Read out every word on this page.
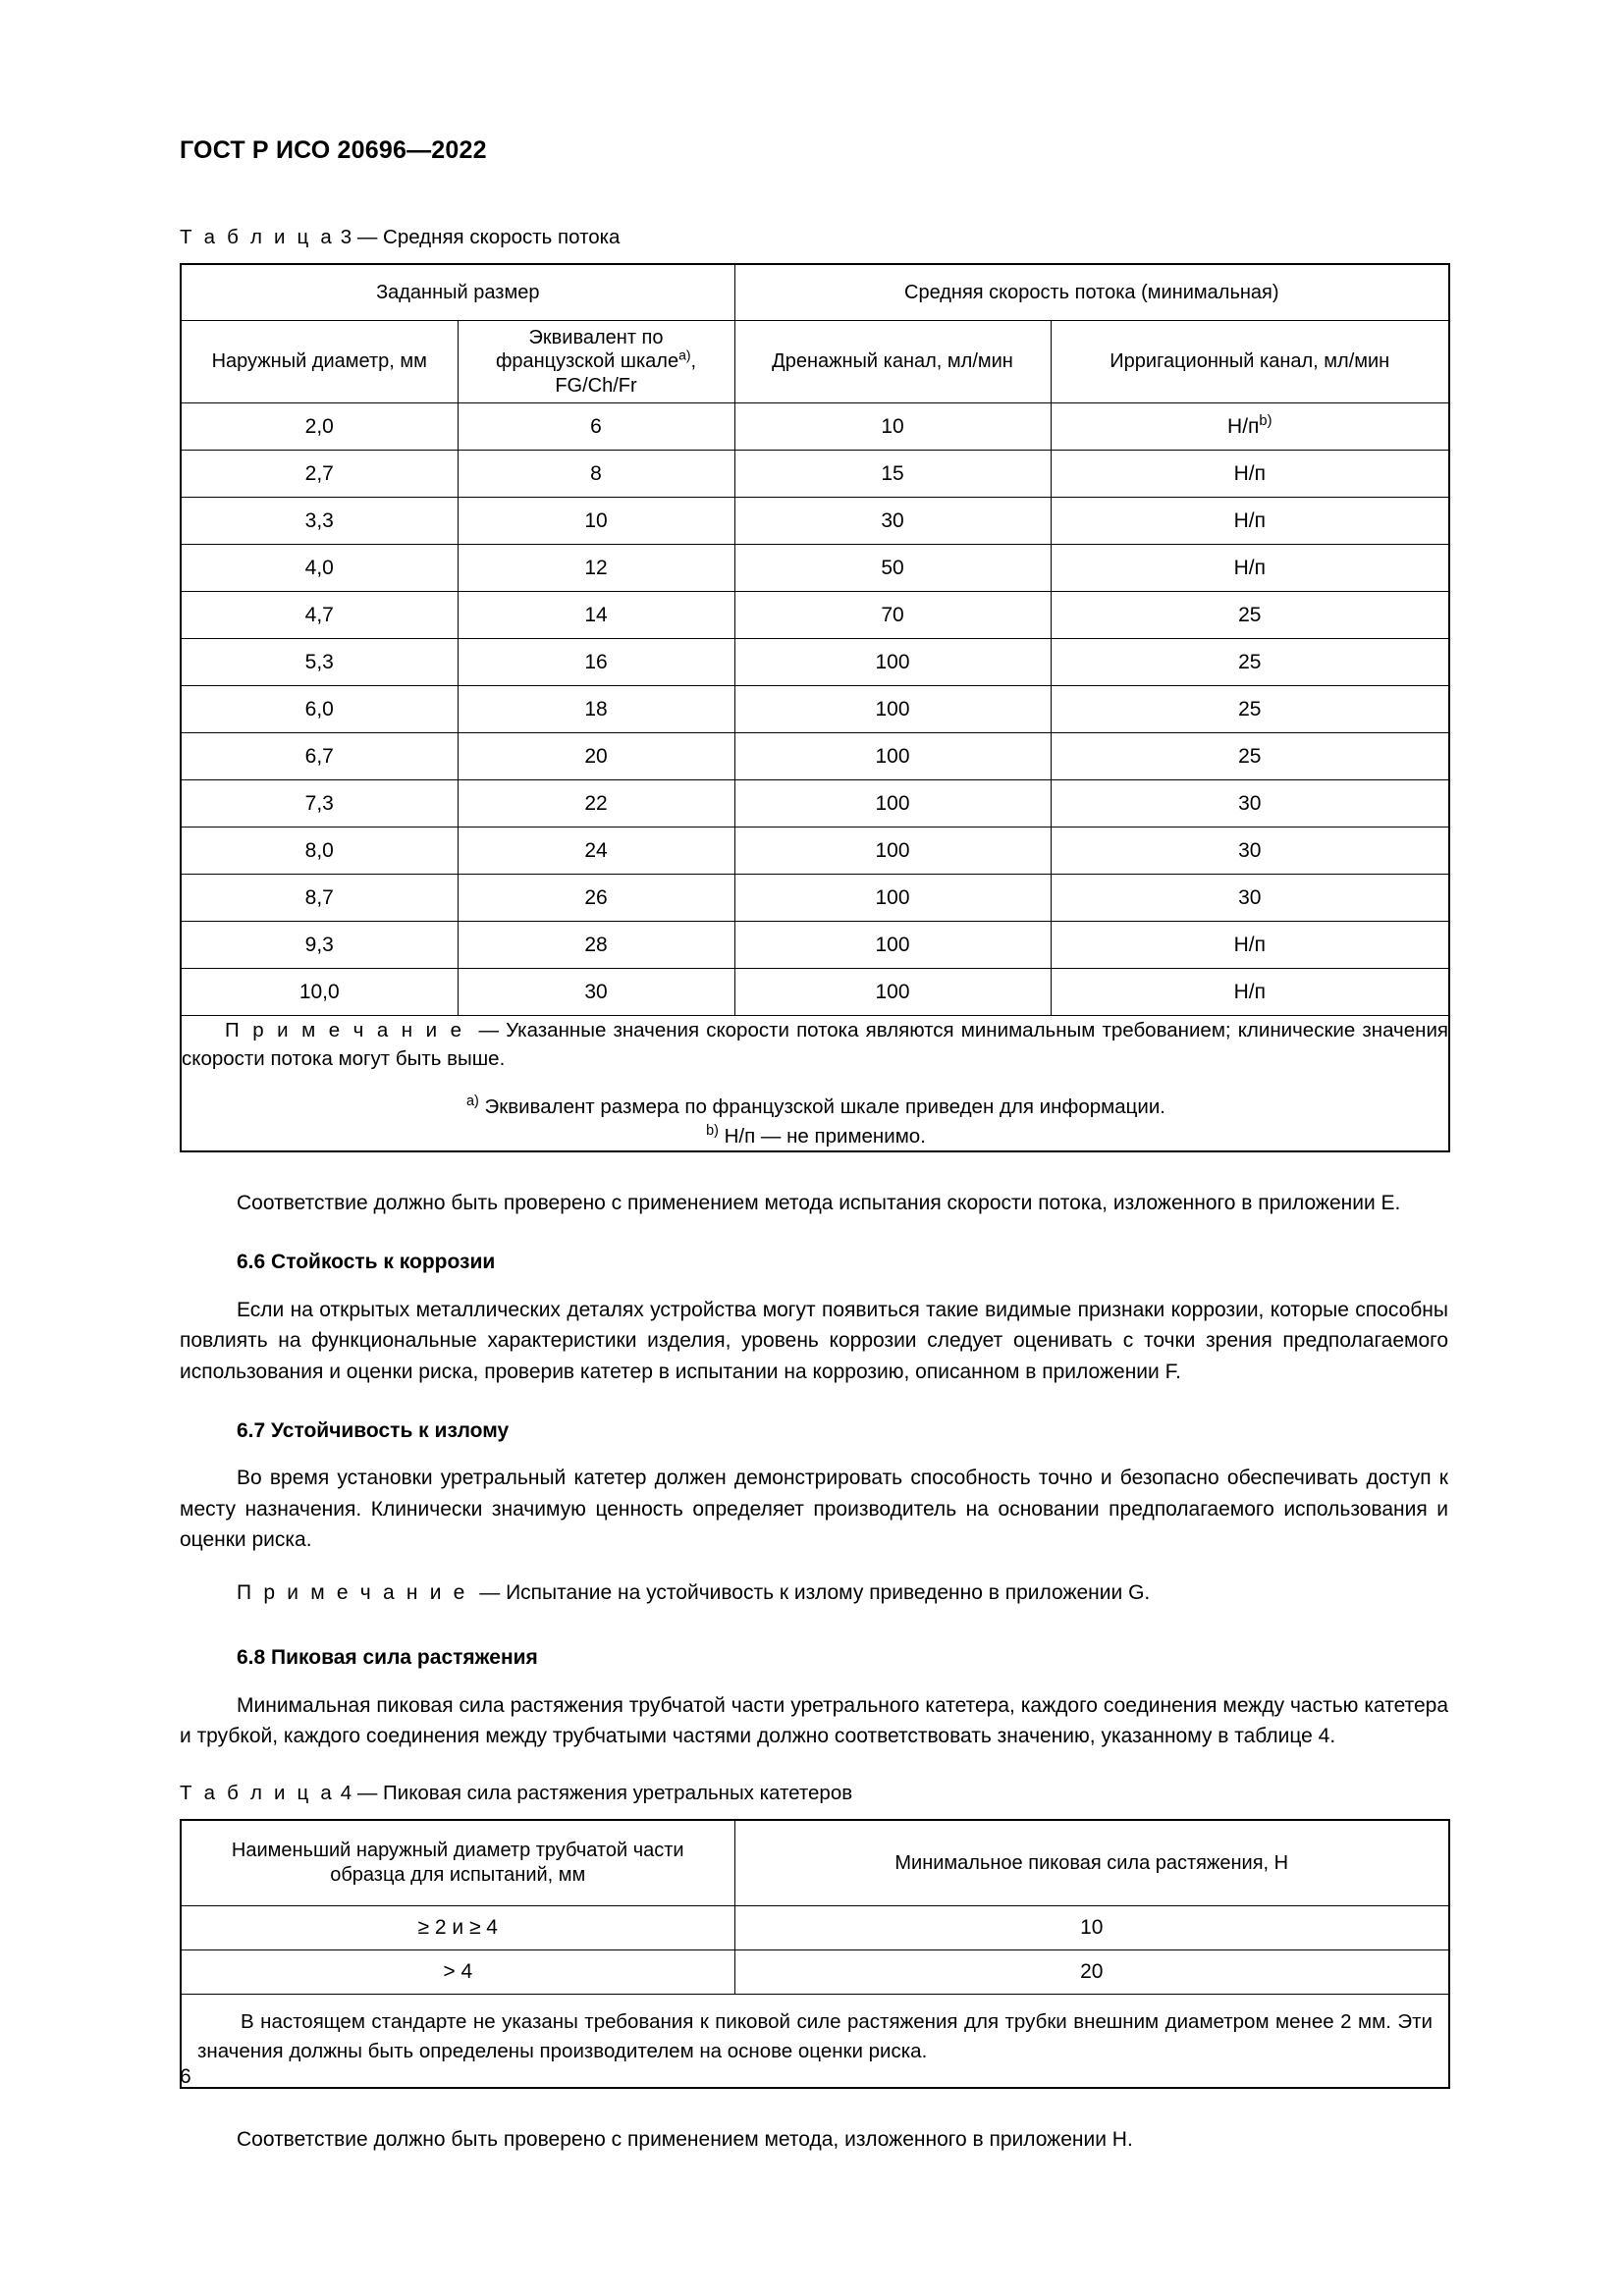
ГОСТ Р ИСО 20696—2022
Т а б л и ц а 3 — Средняя скорость потока
Заданный размер		Средняя скорость потока (минимальная)	
Наружный диаметр, мм	Эквивалент по французской шкале$^{a)}$, FG/Ch/Fr	Дренажный канал, мл/мин	Ирригационный канал, мл/мин
2,0	6	10	Н/п$^{b)}$
2,7	8	15	Н/п
3,3	10	30	Н/п
4,0	12	50	Н/п
4,7	14	70	25
5,3	16	100	25
6,0	18	100	25
6,7	20	100	25
7,3	22	100	30
8,0	24	100	30
8,7	26	100	30
9,3	28	100	Н/п
10,0	30	100	Н/п

П р и м е ч а н и е — Указанные значения скорости потока являются минимальным требованием; клинические значения скорости потока могут быть выше.

$^{a)}$ Эквивалент размера по французской шкале приведен для информации.

$^{b)}$ Н/п — не применимо.			

Соответствие должно быть проверено с применением метода испытания скорости потока, изложенного в приложении Е.

6.6 Стойкость к коррозии

Если на открытых металлических деталях устройства могут появиться такие видимые признаки коррозии, которые способны повлиять на функциональные характеристики изделия, уровень коррозии следует оценивать с точки зрения предполагаемого использования и оценки риска, проверив катетер в испытании на коррозию, описанном в приложении F.

6.7 Устойчивость к излому

Во время установки уретральный катетер должен демонстрировать способность точно и безопасно обеспечивать доступ к месту назначения. Клинически значимую ценность определяет производитель на основании предполагаемого использования и оценки риска.

П р и м е ч а н и е — Испытание на устойчивость к излому приведенно в приложении G.

6.8 Пиковая сила растяжения

Минимальная пиковая сила растяжения трубчатой части уретрального катетера, каждого соединения между частью катетера и трубкой, каждого соединения между трубчатыми частями должно соответствовать значению, указанному в таблице 4.

Т а б л и ц а 4 — Пиковая сила растяжения уретральных катетеров
Наименьший наружный диаметр трубчатой части образца для испытаний, мм	Минимальное пиковая сила растяжения, Н
≥ 2 и ≥ 4	10
> 4	20

В настоящем стандарте не указаны требования к пиковой силе растяжения для трубки внешним диаметром менее 2 мм. Эти значения должны быть определены производителем на основе оценки риска.	

Соответствие должно быть проверено с применением метода, изложенного в приложении Н.

6
